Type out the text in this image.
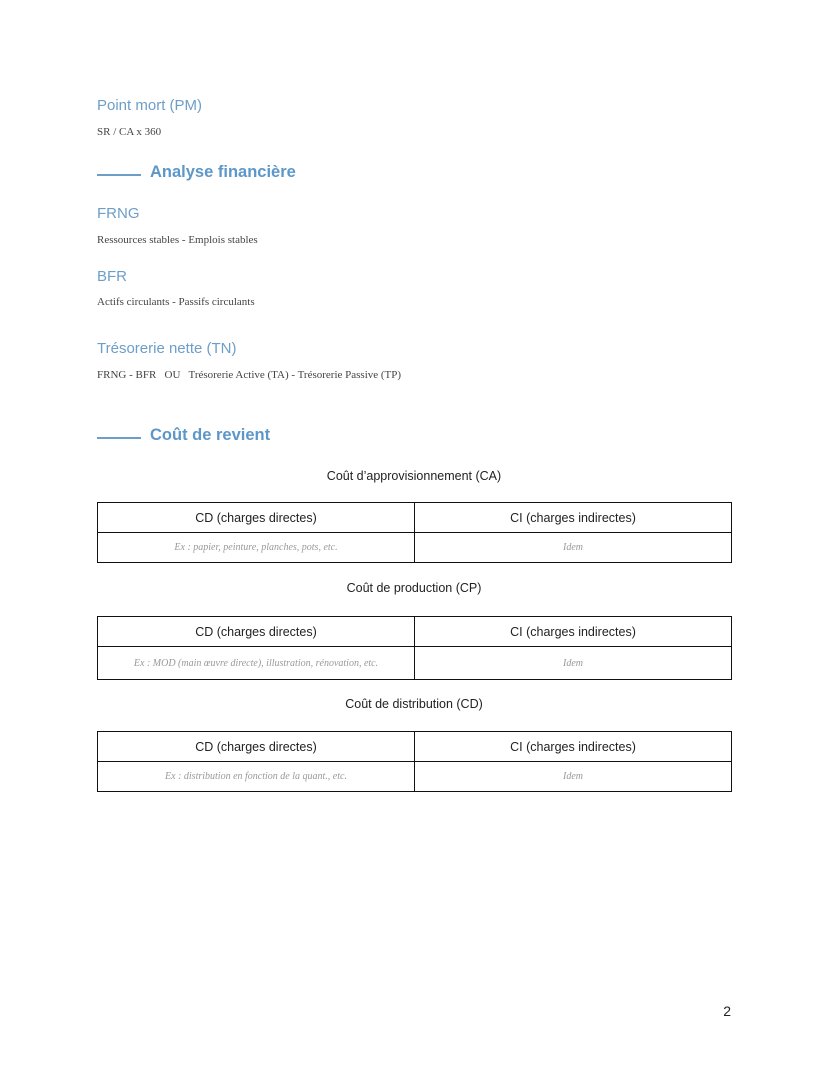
Point mort (PM)
SR / CA x 360
Analyse financière
FRNG
Ressources stables - Emplois stables
BFR
Actifs circulants - Passifs circulants
Trésorerie nette (TN)
FRNG - BFR   OU   Trésorerie Active (TA) - Trésorerie Passive (TP)
Coût de revient
Coût d’approvisionnement (CA)
CD (charges directes)	CI (charges indirectes)
Ex : papier, peinture, planches, pots, etc.	Idem
Coût de production (CP)
CD (charges directes)	CI (charges indirectes)
Ex : MOD (main œuvre directe), illustration, rénovation, etc.	Idem
Coût de distribution (CD)
CD (charges directes)	CI (charges indirectes)
Ex : distribution en fonction de la quant., etc.	Idem
2
